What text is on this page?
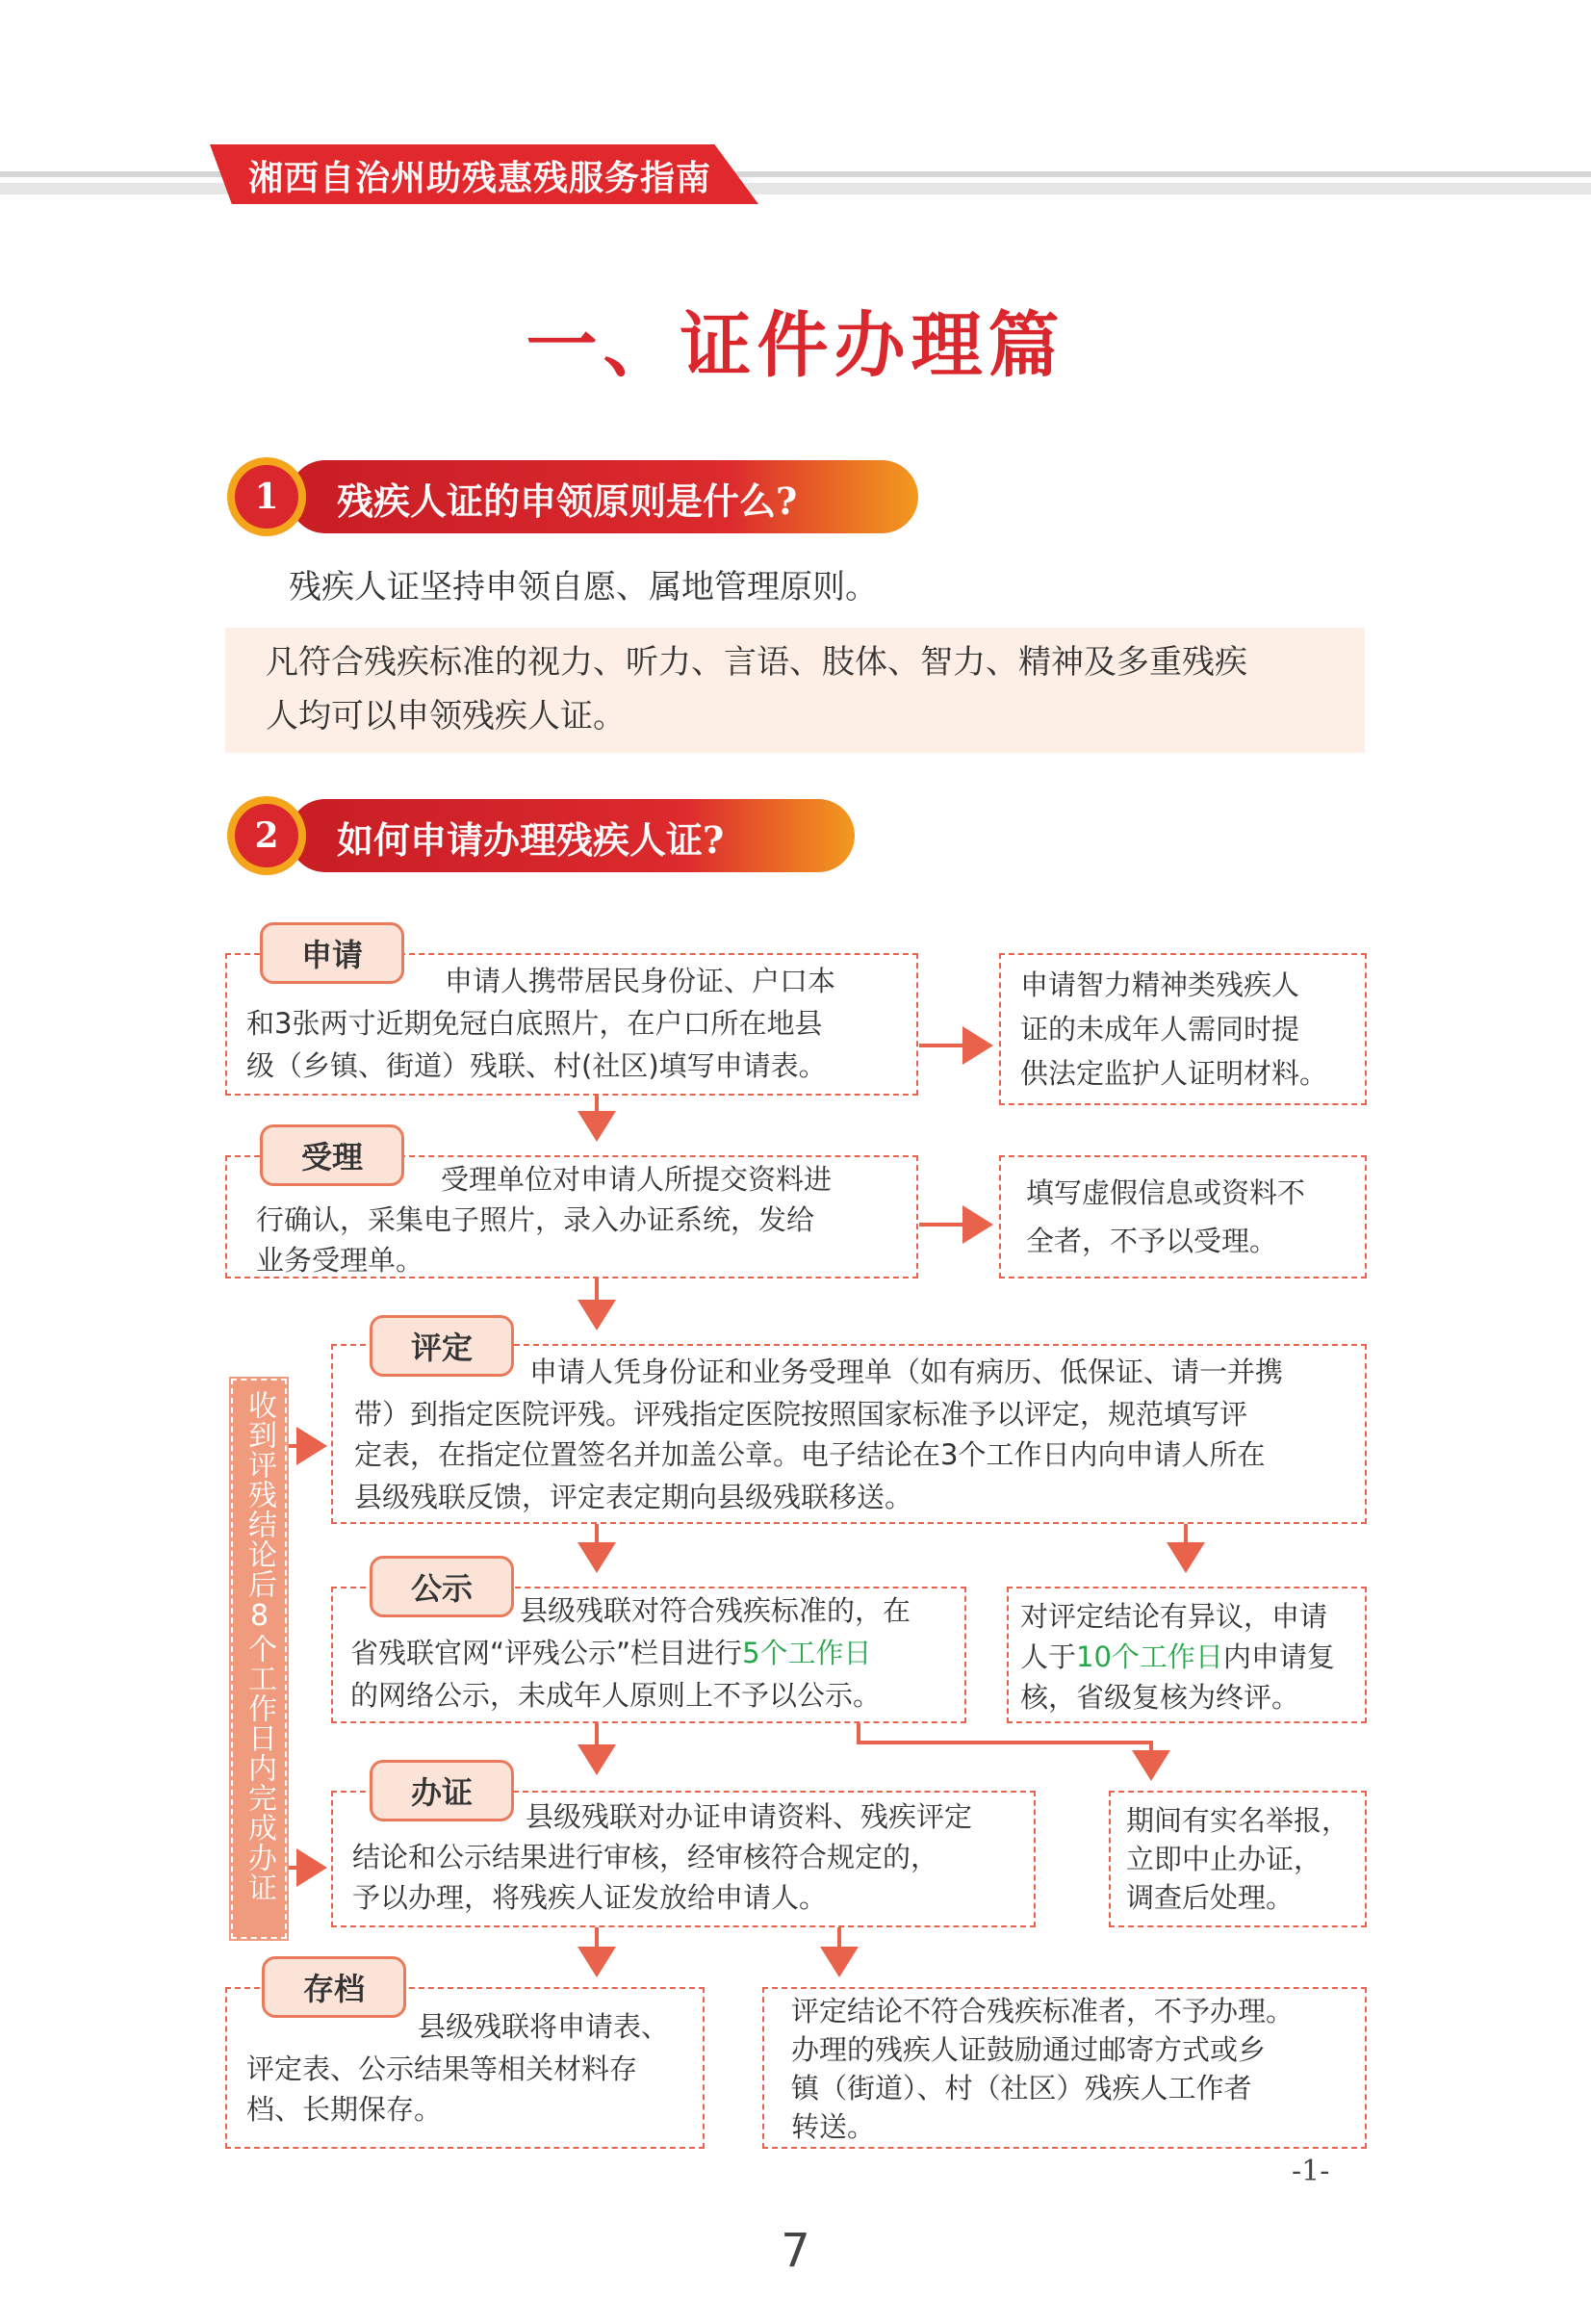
湘西自治州助残惠残服务指南
一、证件办理篇
1	残疾人证的申领原则是什么?
残疾人证坚持申领自愿、属地管理原则。
凡符合残疾标准的视力、听力、言语、肢体、智力、精神及多重残疾
人均可以申领残疾人证。
2	如何申请办理残疾人证?
申请
申请人携带居民身份证、户口本
和3张两寸近期免冠白底照片，在户口所在地县
级（乡镇、街道）残联、村(社区)填写申请表。
申请智力精神类残疾人
证的未成年人需同时提
供法定监护人证明材料。
受理
受理单位对申请人所提交资料进
行确认，采集电子照片，录入办证系统，发给
业务受理单。
填写虚假信息或资料不
全者，不予以受理。
评定
申请人凭身份证和业务受理单（如有病历、低保证、请一并携
带）到指定医院评残。评残指定医院按照国家标准予以评定，规范填写评
定表，在指定位置签名并加盖公章。电子结论在3个工作日内向申请人所在
县级残联反馈，评定表定期向县级残联移送。
收到评残结论后8个工作日内完成办证	公示
县级残联对符合残疾标准的，在
省残联官网“评残公示”栏目进行5个工作日
的网络公示，未成年人原则上不予以公示。
对评定结论有异议，申请
人于10个工作日内申请复
核，省级复核为终评。
办证
县级残联对办证申请资料、残疾评定
结论和公示结果进行审核，经审核符合规定的，
予以办理，将残疾人证发放给申请人。
期间有实名举报，
立即中止办证，
调查后处理。
存档
县级残联将申请表、
评定表、公示结果等相关材料存
档、长期保存。
评定结论不符合残疾标准者，不予办理。
办理的残疾人证鼓励通过邮寄方式或乡
镇（街道）、村（社区）残疾人工作者
转送。
-1-
7
